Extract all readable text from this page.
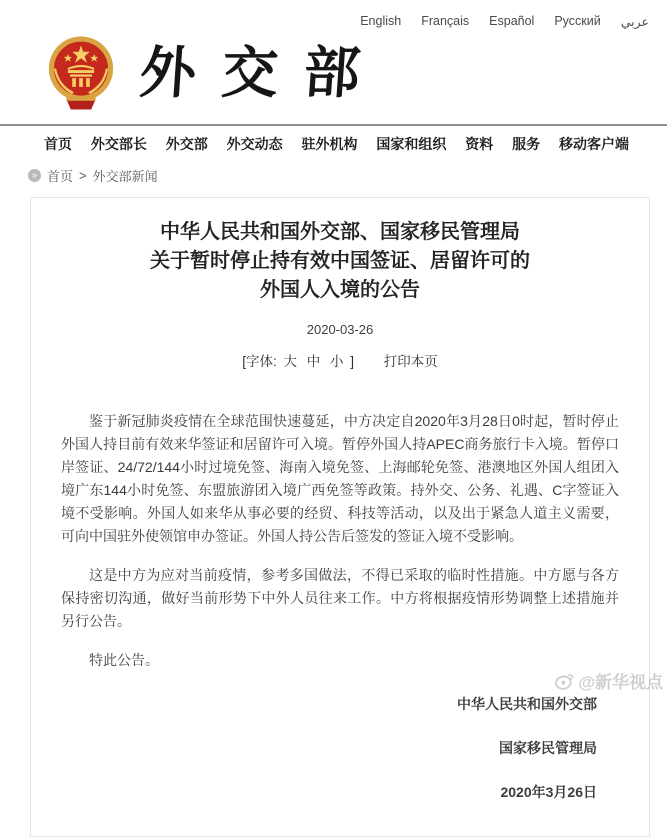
English Français Español Русский عربي
外交部
首页 外交部长 外交部 外交动态 驻外机构 国家和组织 资料 服务 移动客户端
» 首页 > 外交部新闻
中华人民共和国外交部、国家移民管理局
关于暂时停止持有效中国签证、居留许可的
外国人入境的公告
2020-03-26
[字体: 大 中 小 ] 打印本页

鉴于新冠肺炎疫情在全球范围快速蔓延，中方决定自2020年3月28日0时起，暂时停止外国人持目前有效来华签证和居留许可入境。暂停外国人持APEC商务旅行卡入境。暂停口岸签证、24/72/144小时过境免签、海南入境免签、上海邮轮免签、港澳地区外国人组团入境广东144小时免签、东盟旅游团入境广西免签等政策。持外交、公务、礼遇、C字签证入境不受影响。外国人如来华从事必要的经贸、科技等活动，以及出于紧急人道主义需要，可向中国驻外使领馆申办签证。外国人持公告后签发的签证入境不受影响。

这是中方为应对当前疫情，参考多国做法，不得已采取的临时性措施。中方愿与各方保持密切沟通，做好当前形势下中外人员往来工作。中方将根据疫情形势调整上述措施并另行公告。

特此公告。

中华人民共和国外交部
国家移民管理局
2020年3月26日
@新华视点
